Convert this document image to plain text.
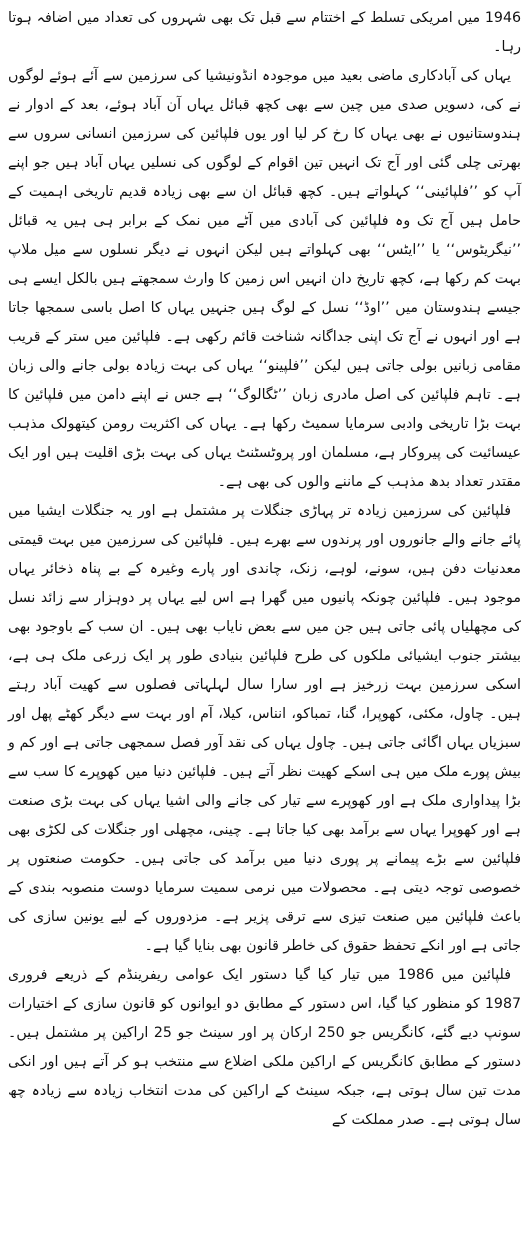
1946 میں امریکی تسلط کے اختتام سے قبل تک بھی شہروں کی تعداد میں اضافہ ہوتا رہا۔

یہاں کی آبادکاری ماضی بعید میں موجودہ انڈونیشیا کی سرزمین سے آئے ہوئے لوگوں نے کی، دسویں صدی میں چین سے بھی کچھ قبائل یہاں آن آباد ہوئے، بعد کے ادوار نے ہندوستانیوں نے بھی یہاں کا رخ کر لیا اور یوں فلپائین کی سرزمین انسانی سروں سے بھرتی چلی گئی اور آج تک انہیں تین اقوام کے لوگوں کی نسلیں یہاں آباد ہیں جو اپنے آپ کو ’’فلپائینی‘‘ کہلواتے ہیں۔ کچھ قبائل ان سے بھی زیادہ قدیم تاریخی اہمیت کے حامل ہیں آج تک وہ فلپائین کی آبادی میں آٹے میں نمک کے برابر ہی ہیں یہ قبائل ’’نیگریٹوس‘‘ یا ’’ایٹس‘‘ بھی کہلواتے ہیں لیکن انہوں نے دیگر نسلوں سے میل ملاپ بہت کم رکھا ہے، کچھ تاریخ دان انہیں اس زمین کا وارث سمجھتے ہیں بالکل ایسے ہی جیسے ہندوستان میں ’’اوڈ‘‘ نسل کے لوگ ہیں جنہیں یہاں کا اصل باسی سمجھا جاتا ہے اور انہوں نے آج تک اپنی جداگانہ شناخت قائم رکھی ہے۔ فلپائین میں ستر کے قریب مقامی زبانیں بولی جاتی ہیں لیکن ’’فلپینو‘‘ یہاں کی بہت زیادہ بولی جانے والی زبان ہے۔ تاہم فلپائین کی اصل مادری زبان ’’ٹگالوگ‘‘ ہے جس نے اپنے دامن میں فلپائین کا بہت بڑا تاریخی وادبی سرمایا سمیٹ رکھا ہے۔ یہاں کی اکثریت رومن کیتھولک مذہب عیسائیت کی پیروکار ہے، مسلمان اور پروٹسٹنٹ یہاں کی بہت بڑی اقلیت ہیں اور ایک مقتدر تعداد بدھ مذہب کے ماننے والوں کی بھی ہے۔

فلپائین کی سرزمین زیادہ تر پہاڑی جنگلات پر مشتمل ہے اور یہ جنگلات ایشیا میں پائے جانے والے جانوروں اور پرندوں سے بھرے ہیں۔ فلپائین کی سرزمین میں بہت قیمتی معدنیات دفن ہیں، سونے، لوہے، زنک، چاندی اور پارے وغیرہ کے بے پناہ ذخائر یہاں موجود ہیں۔ فلپائین چونکہ پانیوں میں گھرا ہے اس لیے یہاں پر دوہزار سے زائد نسل کی مچھلیاں پائی جاتی ہیں جن میں سے بعض نایاب بھی ہیں۔ ان سب کے باوجود بھی بیشتر جنوب ایشیائی ملکوں کی طرح فلپائین بنیادی طور پر ایک زرعی ملک ہی ہے، اسکی سرزمین بہت زرخیز ہے اور سارا سال لہلہاتی فصلوں سے کھیت آباد رہتے ہیں۔ چاول، مکئی، کھوپرا، گنا، تمباکو، انناس، کیلا، آم اور بہت سے دیگر کھٹے پھل اور سبزیاں یہاں اگائی جاتی ہیں۔ چاول یہاں کی نقد آور فصل سمجھی جاتی ہے اور کم و بیش پورے ملک میں ہی اسکے کھیت نظر آتے ہیں۔ فلپائین دنیا میں کھوپرے کا سب سے بڑا پیداواری ملک ہے اور کھوپرے سے تیار کی جانے والی اشیا یہاں کی بہت بڑی صنعت ہے اور کھوپرا یہاں سے برآمد بھی کیا جاتا ہے۔ چینی، مچھلی اور جنگلات کی لکڑی بھی فلپائین سے بڑے پیمانے پر پوری دنیا میں برآمد کی جاتی ہیں۔ حکومت صنعتوں پر خصوصی توجہ دیتی ہے۔ محصولات میں نرمی سمیت سرمایا دوست منصوبہ بندی کے باعث فلپائین میں صنعت تیزی سے ترقی پزیر ہے۔ مزدوروں کے لیے یونین سازی کی جاتی ہے اور انکے تحفظ حقوق کی خاطر قانون بھی بنایا گیا ہے۔

فلپائین میں 1986 میں تیار کیا گیا دستور ایک عوامی ریفرینڈم کے ذریعے فروری 1987 کو منظور کیا گیا، اس دستور کے مطابق دو ایوانوں کو قانون سازی کے اختیارات سونپ دیے گئے، کانگریس جو 250 ارکان پر اور سینٹ جو 25 اراکین پر مشتمل ہیں۔ دستور کے مطابق کانگریس کے اراکین ملکی اضلاع سے منتخب ہو کر آتے ہیں اور انکی مدت تین سال ہوتی ہے، جبکہ سینٹ کے اراکین کی مدت انتخاب زیادہ سے زیادہ چھ سال ہوتی ہے۔ صدر مملکت کے
